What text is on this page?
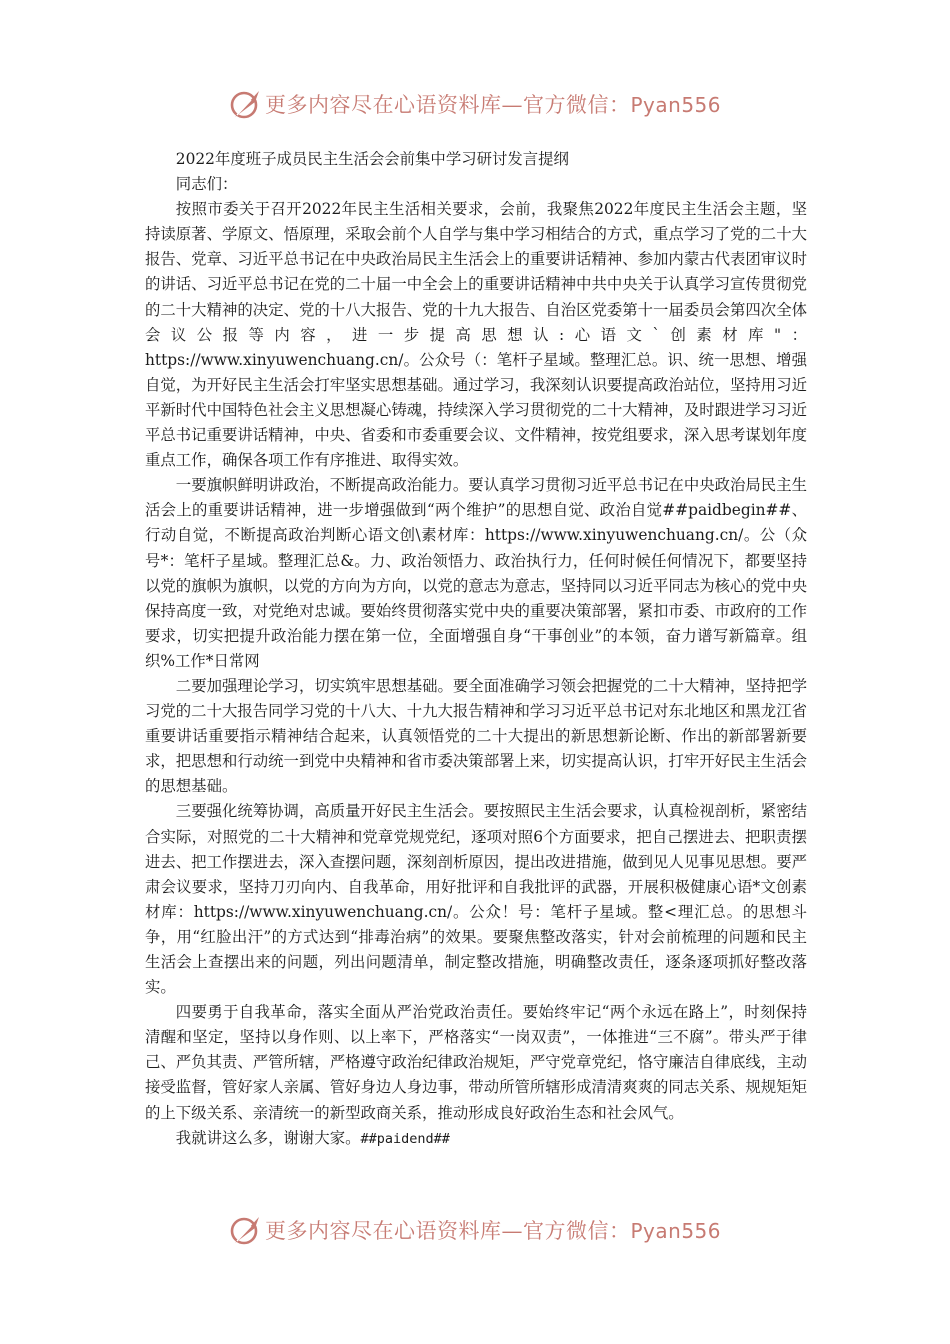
更多内容尽在心语资料库—官方微信：Pyan556

2022年度班子成员民主生活会会前集中学习研讨发言提纲

同志们：

按照市委关于召开2022年民主生活相关要求，会前，我聚焦2022年度民主生活会主题，坚持读原著、学原文、悟原理，采取会前个人自学与集中学习相结合的方式，重点学习了党的二十大报告、党章、习近平总书记在中央政治局民主生活会上的重要讲话精神、参加内蒙古代表团审议时的讲话、习近平总书记在党的二十届一中全会上的重要讲话精神中共中央关于认真学习宣传贯彻党的二十大精神的决定、党的十八大报告、党的十九大报告、自治区党委第十一届委员会第四次全体会议公报等内容，进一步提高思想认:心语文`创素材库"：https://www.xinyuwenchuang.cn/。公众号（：笔杆子星域。整理汇总。识、统一思想、增强自觉，为开好民主生活会打牢坚实思想基础。通过学习，我深刻认识要提高政治站位，坚持用习近平新时代中国特色社会主义思想凝心铸魂，持续深入学习贯彻党的二十大精神，及时跟进学习习近平总书记重要讲话精神，中央、省委和市委重要会议、文件精神，按党组要求，深入思考谋划年度重点工作，确保各项工作有序推进、取得实效。

一要旗帜鲜明讲政治，不断提高政治能力。要认真学习贯彻习近平总书记在中央政治局民主生活会上的重要讲话精神，进一步增强做到“两个维护”的思想自觉、政治自觉##paidbegin##、行动自觉，不断提高政治判断心语文创\素材库：https://www.xinyuwenchuang.cn/。公（众号*：笔杆子星域。整理汇总&。力、政治领悟力、政治执行力，任何时候任何情况下，都要坚持以党的旗帜为旗帜，以党的方向为方向，以党的意志为意志，坚持同以习近平同志为核心的党中央保持高度一致，对党绝对忠诚。要始终贯彻落实党中央的重要决策部署，紧扣市委、市政府的工作要求，切实把提升政治能力摆在第一位，全面增强自身“干事创业”的本领，奋力谱写新篇章。组织%工作*日常网

二要加强理论学习，切实筑牢思想基础。要全面准确学习领会把握党的二十大精神，坚持把学习党的二十大报告同学习党的十八大、十九大报告精神和学习习近平总书记对东北地区和黑龙江省重要讲话重要指示精神结合起来，认真领悟党的二十大提出的新思想新论断、作出的新部署新要求，把思想和行动统一到党中央精神和省市委决策部署上来，切实提高认识，打牢开好民主生活会的思想基础。

三要强化统筹协调，高质量开好民主生活会。要按照民主生活会要求，认真检视剖析，紧密结合实际，对照党的二十大精神和党章党规党纪，逐项对照6个方面要求，把自己摆进去、把职责摆进去、把工作摆进去，深入查摆问题，深刻剖析原因，提出改进措施，做到见人见事见思想。要严肃会议要求，坚持刀刃向内、自我革命，用好批评和自我批评的武器，开展积极健康心语*文创素材库：https://www.xinyuwenchuang.cn/。公众！号：笔杆子星域。整<理汇总。的思想斗争，用“红脸出汗”的方式达到“排毒治病”的效果。要聚焦整改落实，针对会前梳理的问题和民主生活会上查摆出来的问题，列出问题清单，制定整改措施，明确整改责任，逐条逐项抓好整改落实。

四要勇于自我革命，落实全面从严治党政治责任。要始终牢记“两个永远在路上”，时刻保持清醒和坚定，坚持以身作则、以上率下，严格落实“一岗双责”，一体推进“三不腐”。带头严于律己、严负其责、严管所辖，严格遵守政治纪律政治规矩，严守党章党纪，恪守廉洁自律底线，主动接受监督，管好家人亲属、管好身边人身边事，带动所管所辖形成清清爽爽的同志关系、规规矩矩的上下级关系、亲清统一的新型政商关系，推动形成良好政治生态和社会风气。

我就讲这么多，谢谢大家。##paidend##

更多内容尽在心语资料库—官方微信：Pyan556
